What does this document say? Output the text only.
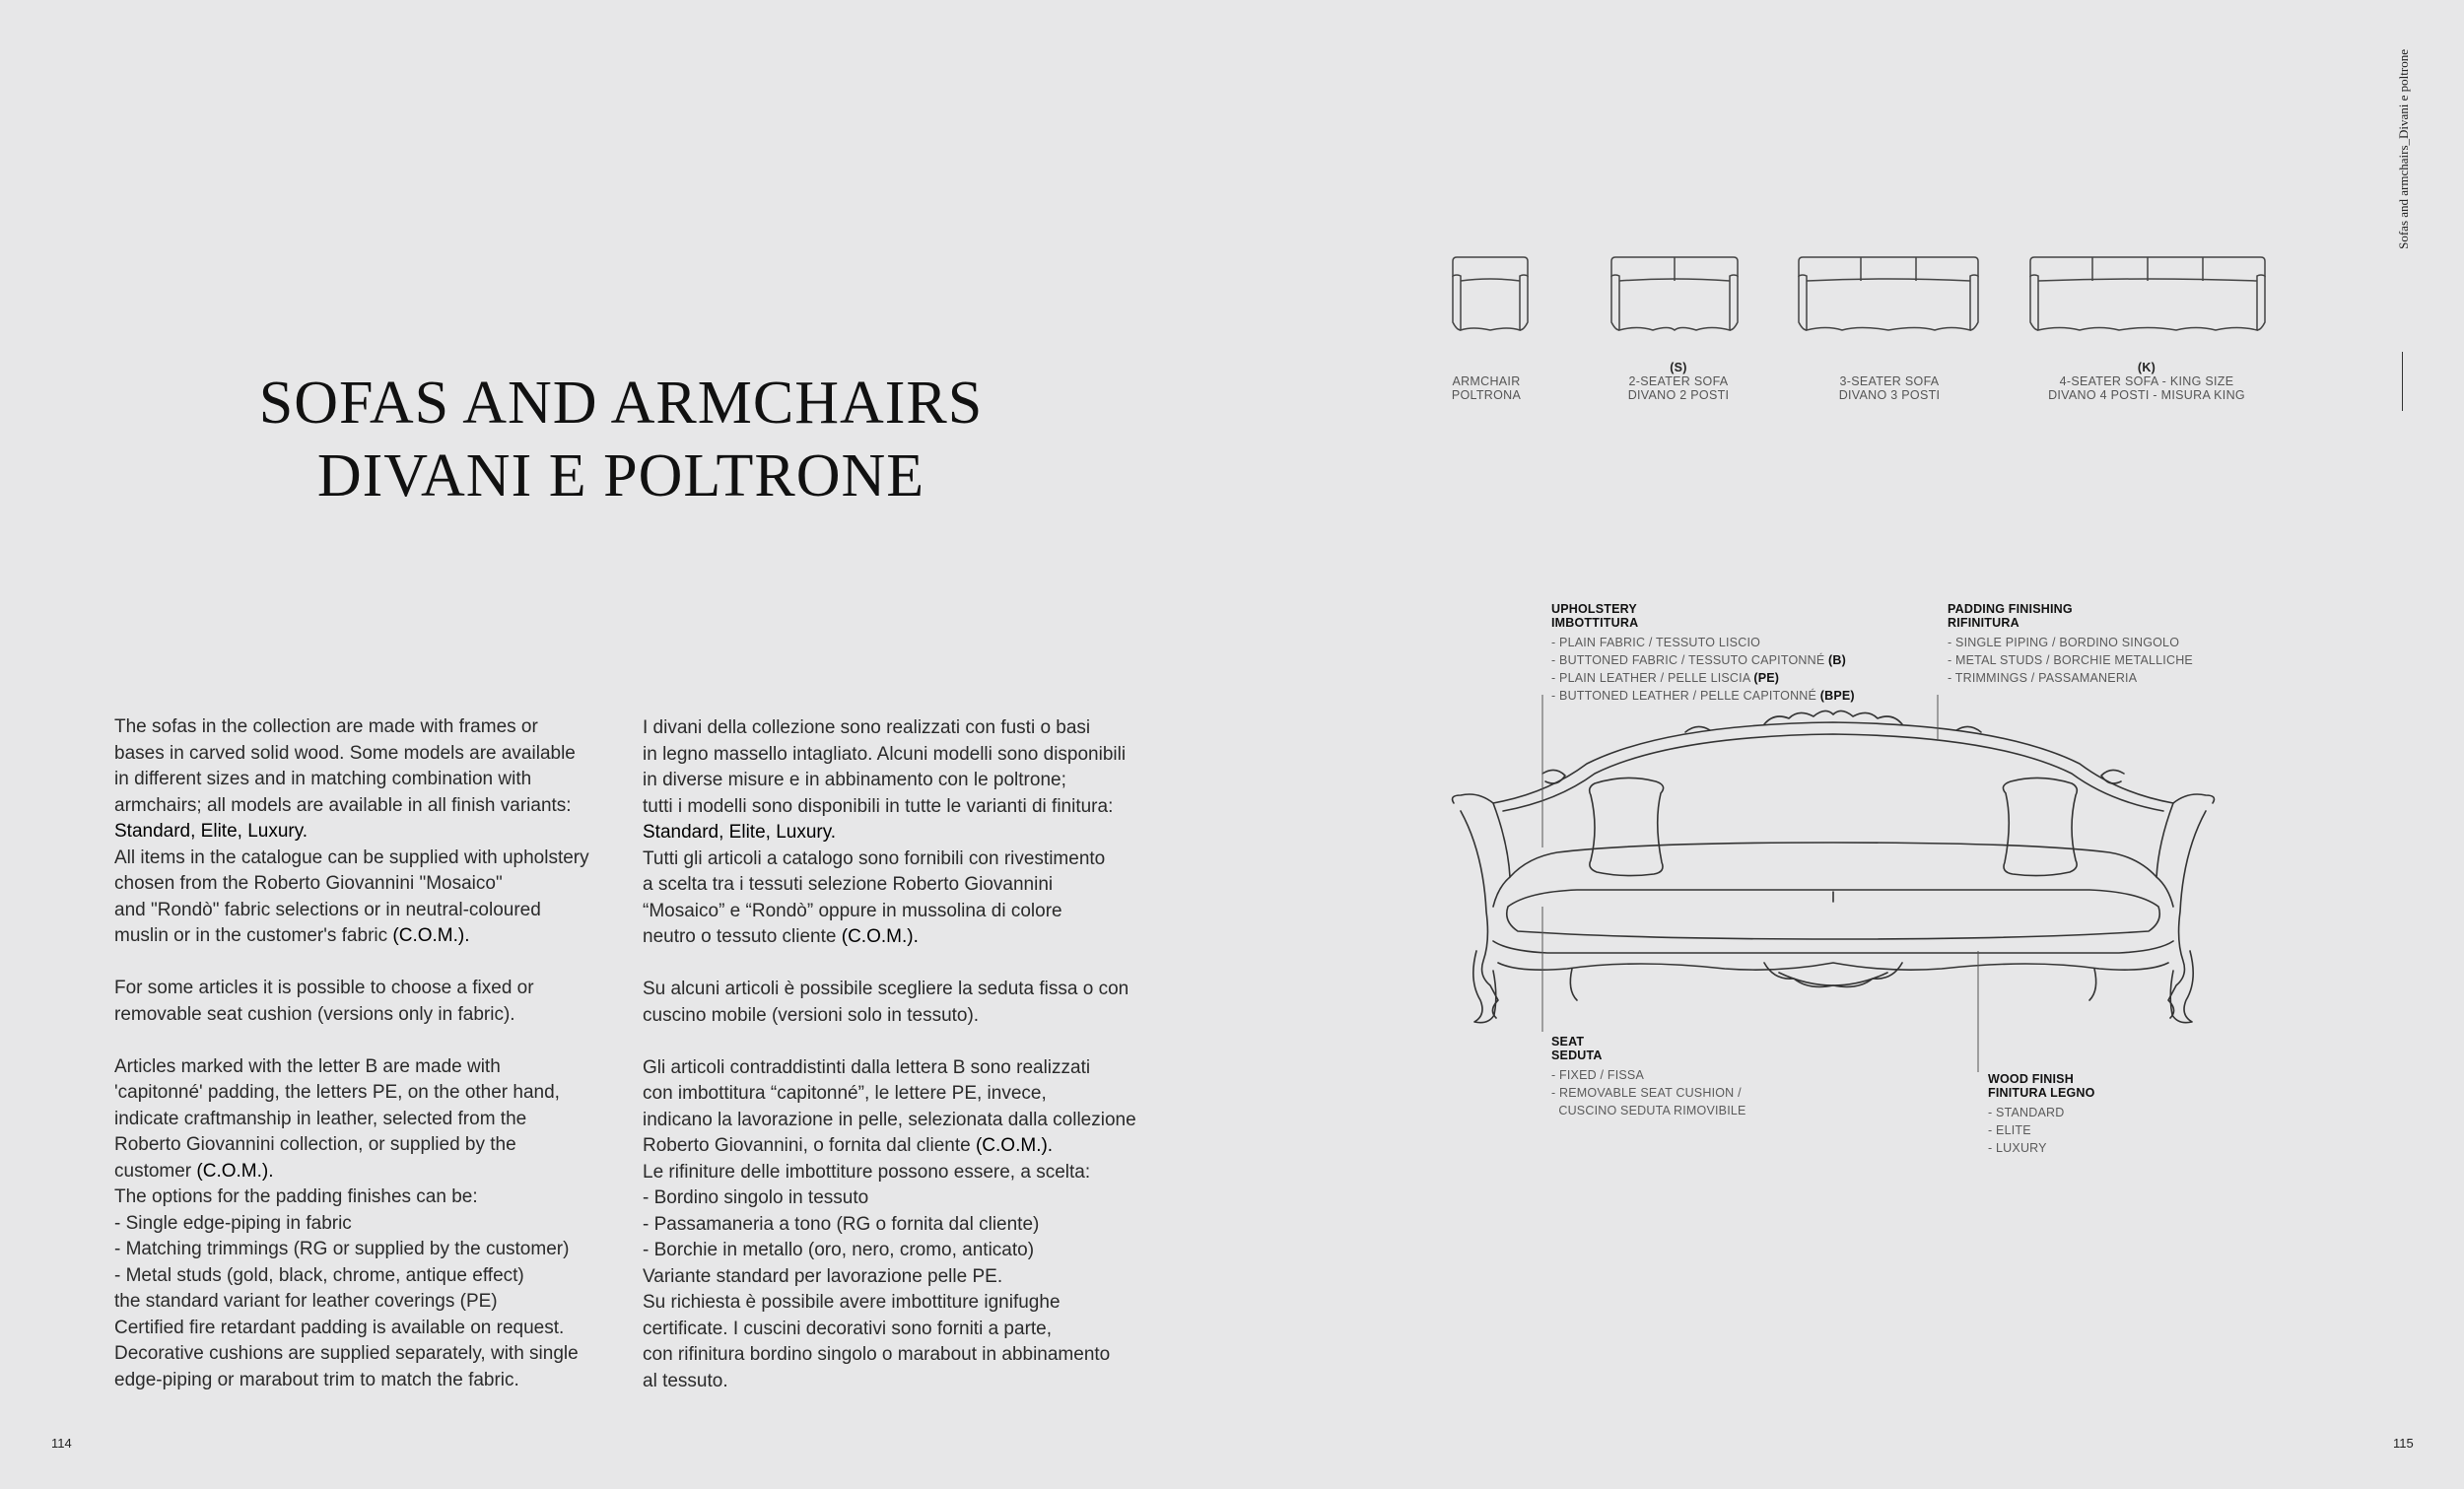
SOFAS AND ARMCHAIRS
DIVANI E POLTRONE
Sofas and armchairs_Divani e poltrone

The sofas in the collection are made with frames or
bases in carved solid wood. Some models are available
in different sizes and in matching combination with
armchairs; all models are available in all finish variants:
Standard, Elite, Luxury.
All items in the catalogue can be supplied with upholstery
chosen from the Roberto Giovannini "Mosaico"
and "Rondò" fabric selections or in neutral-coloured
muslin or in the customer's fabric (C.O.M.).

For some articles it is possible to choose a fixed or
removable seat cushion (versions only in fabric).

Articles marked with the letter B are made with
'capitonné' padding, the letters PE, on the other hand,
indicate craftmanship in leather, selected from the
Roberto Giovannini collection, or supplied by the
customer (C.O.M.).
The options for the padding finishes can be:
- Single edge-piping in fabric
- Matching trimmings (RG or supplied by the customer)
- Metal studs (gold, black, chrome, antique effect)
the standard variant for leather coverings (PE)
Certified fire retardant padding is available on request.
Decorative cushions are supplied separately, with single
edge-piping or marabout trim to match the fabric.

I divani della collezione sono realizzati con fusti o basi
in legno massello intagliato. Alcuni modelli sono disponibili
in diverse misure e in abbinamento con le poltrone;
tutti i modelli sono disponibili in tutte le varianti di finitura:
Standard, Elite, Luxury.
Tutti gli articoli a catalogo sono fornibili con rivestimento
a scelta tra i tessuti selezione Roberto Giovannini
“Mosaico” e “Rondò” oppure in mussolina di colore
neutro o tessuto cliente (C.O.M.).

Su alcuni articoli è possibile scegliere la seduta fissa o con
cuscino mobile (versioni solo in tessuto).

Gli articoli contraddistinti dalla lettera B sono realizzati
con imbottitura “capitonné”, le lettere PE, invece,
indicano la lavorazione in pelle, selezionata dalla collezione
Roberto Giovannini, o fornita dal cliente (C.O.M.).
Le rifiniture delle imbottiture possono essere, a scelta:
- Bordino singolo in tessuto
- Passamaneria a tono (RG o fornita dal cliente)
- Borchie in metallo (oro, nero, cromo, anticato)
Variante standard per lavorazione pelle PE.
Su richiesta è possibile avere imbottiture ignifughe
certificate. I cuscini decorativi sono forniti a parte,
con rifinitura bordino singolo o marabout in abbinamento
al tessuto.

114	115
ARMCHAIR
POLTRONA
(S)
2-SEATER SOFA
DIVANO 2 POSTI
3-SEATER SOFA
DIVANO 3 POSTI
(K)
4-SEATER SOFA - KING SIZE
DIVANO 4 POSTI - MISURA KING
UPHOLSTERY
IMBOTTITURA
- PLAIN FABRIC / TESSUTO LISCIO
- BUTTONED FABRIC / TESSUTO CAPITONNÉ (B)
- PLAIN LEATHER / PELLE LISCIA (PE)
- BUTTONED LEATHER / PELLE CAPITONNÉ (BPE)
PADDING FINISHING
RIFINITURA
- SINGLE PIPING / BORDINO SINGOLO
- METAL STUDS / BORCHIE METALLICHE
- TRIMMINGS / PASSAMANERIA
SEAT
SEDUTA
- FIXED / FISSA
- REMOVABLE SEAT CUSHION /
CUSCINO SEDUTA RIMOVIBILE
WOOD FINISH
FINITURA LEGNO
- STANDARD
- ELITE
- LUXURY
